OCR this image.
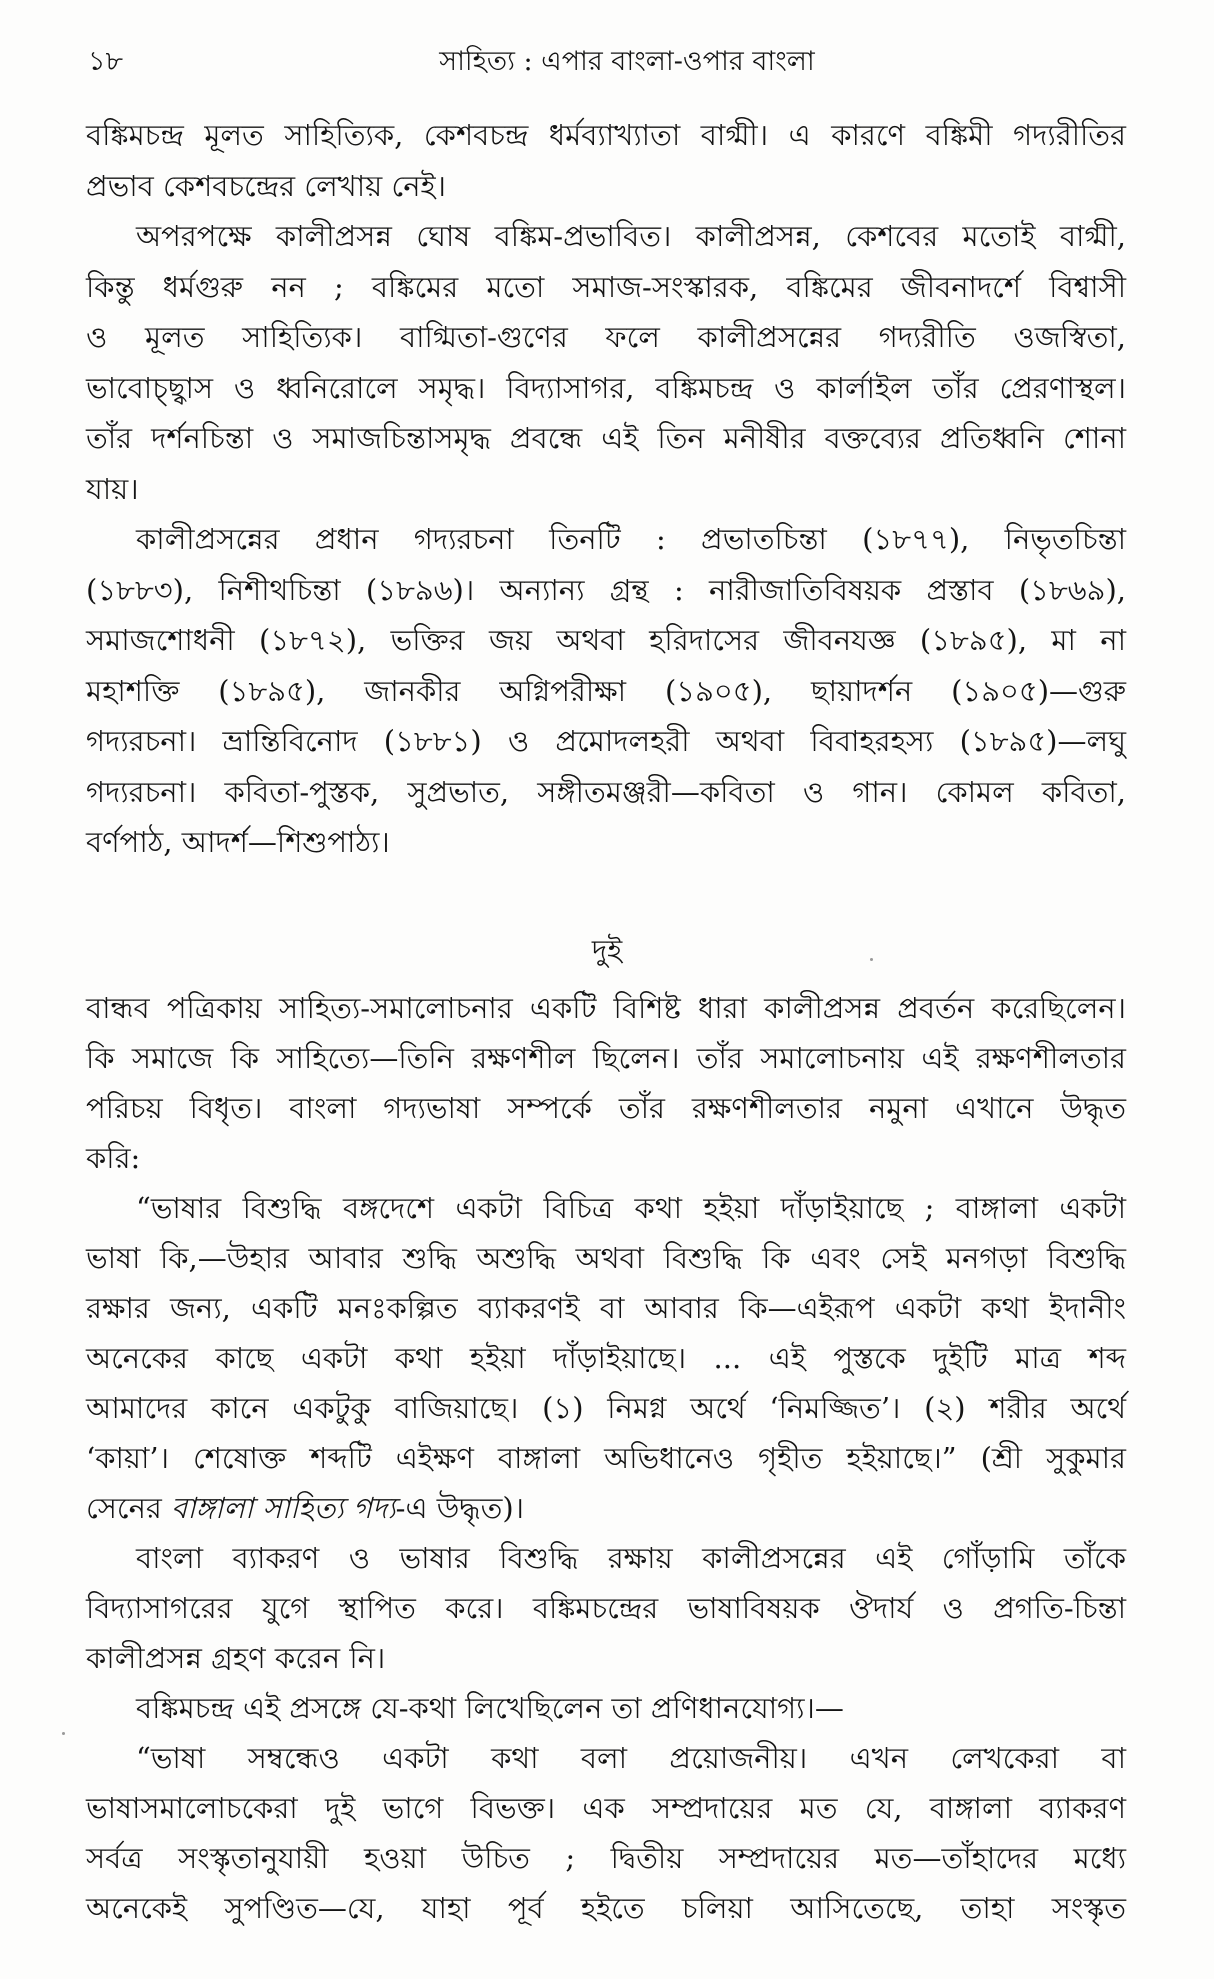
১৮	সাহিত্য : এপার বাংলা-ওপার বাংলা
বঙ্কিমচন্দ্র মূলত সাহিত্যিক, কেশবচন্দ্র ধর্মব্যাখ্যাতা বাগ্মী। এ কারণে বঙ্কিমী গদ্যরীতির
প্রভাব কেশবচন্দ্রের লেখায় নেই।
অপরপক্ষে কালীপ্রসন্ন ঘোষ বঙ্কিম-প্রভাবিত। কালীপ্রসন্ন, কেশবের মতোই বাগ্মী,
কিন্তু ধর্মগুরু নন ; বঙ্কিমের মতো সমাজ-সংস্কারক, বঙ্কিমের জীবনাদর্শে বিশ্বাসী
ও মূলত সাহিত্যিক। বাগ্মিতা-গুণের ফলে কালীপ্রসন্নের গদ্যরীতি ওজস্বিতা,
ভাবোচ্ছ্বাস ও ধ্বনিরোলে সমৃদ্ধ। বিদ্যাসাগর, বঙ্কিমচন্দ্র ও কার্লাইল তাঁর প্রেরণাস্থল।
তাঁর দর্শনচিন্তা ও সমাজচিন্তাসমৃদ্ধ প্রবন্ধে এই তিন মনীষীর বক্তব্যের প্রতিধ্বনি শোনা
যায়।
কালীপ্রসন্নের প্রধান গদ্যরচনা তিনটি : প্রভাতচিন্তা (১৮৭৭), নিভৃতচিন্তা
(১৮৮৩), নিশীথচিন্তা (১৮৯৬)। অন্যান্য গ্রন্থ : নারীজাতিবিষয়ক প্রস্তাব (১৮৬৯),
সমাজশোধনী (১৮৭২), ভক্তির জয় অথবা হরিদাসের জীবনযজ্ঞ (১৮৯৫), মা না
মহাশক্তি (১৮৯৫), জানকীর অগ্নিপরীক্ষা (১৯০৫), ছায়াদর্শন (১৯০৫)—গুরু
গদ্যরচনা। ভ্রান্তিবিনোদ (১৮৮১) ও প্রমোদলহরী অথবা বিবাহরহস্য (১৮৯৫)—লঘু
গদ্যরচনা। কবিতা-পুস্তক, সুপ্রভাত, সঙ্গীতমঞ্জরী—কবিতা ও গান। কোমল কবিতা,
বর্ণপাঠ, আদর্শ—শিশুপাঠ্য।
দুই
বান্ধব পত্রিকায় সাহিত্য-সমালোচনার একটি বিশিষ্ট ধারা কালীপ্রসন্ন প্রবর্তন করেছিলেন।
কি সমাজে কি সাহিত্যে—তিনি রক্ষণশীল ছিলেন। তাঁর সমালোচনায় এই রক্ষণশীলতার
পরিচয় বিধৃত। বাংলা গদ্যভাষা সম্পর্কে তাঁর রক্ষণশীলতার নমুনা এখানে উদ্ধৃত
করি:
“ভাষার বিশুদ্ধি বঙ্গদেশে একটা বিচিত্র কথা হইয়া দাঁড়াইয়াছে ; বাঙ্গালা একটা
ভাষা কি,—উহার আবার শুদ্ধি অশুদ্ধি অথবা বিশুদ্ধি কি এবং সেই মনগড়া বিশুদ্ধি
রক্ষার জন্য, একটি মনঃকল্পিত ব্যাকরণই বা আবার কি—এইরূপ একটা কথা ইদানীং
অনেকের কাছে একটা কথা হইয়া দাঁড়াইয়াছে। ... এই পুস্তকে দুইটি মাত্র শব্দ
আমাদের কানে একটুকু বাজিয়াছে। (১) নিমগ্ন অর্থে ‘নিমজ্জিত’। (২) শরীর অর্থে
‘কায়া’। শেষোক্ত শব্দটি এইক্ষণ বাঙ্গালা অভিধানেও গৃহীত হইয়াছে।” (শ্রী সুকুমার
সেনের বাঙ্গালা সাহিত্য গদ্য-এ উদ্ধৃত)।
বাংলা ব্যাকরণ ও ভাষার বিশুদ্ধি রক্ষায় কালীপ্রসন্নের এই গোঁড়ামি তাঁকে
বিদ্যাসাগরের যুগে স্থাপিত করে। বঙ্কিমচন্দ্রের ভাষাবিষয়ক ঔদার্য ও প্রগতি-চিন্তা
কালীপ্রসন্ন গ্রহণ করেন নি।
বঙ্কিমচন্দ্র এই প্রসঙ্গে যে-কথা লিখেছিলেন তা প্রণিধানযোগ্য।—
“ভাষা সম্বন্ধেও একটা কথা বলা প্রয়োজনীয়। এখন লেখকেরা বা
ভাষাসমালোচকেরা দুই ভাগে বিভক্ত। এক সম্প্রদায়ের মত যে, বাঙ্গালা ব্যাকরণ
সর্বত্র সংস্কৃতানুযায়ী হওয়া উচিত ; দ্বিতীয় সম্প্রদায়ের মত—তাঁহাদের মধ্যে
অনেকেই সুপণ্ডিত—যে, যাহা পূর্ব হইতে চলিয়া আসিতেছে, তাহা সংস্কৃত
